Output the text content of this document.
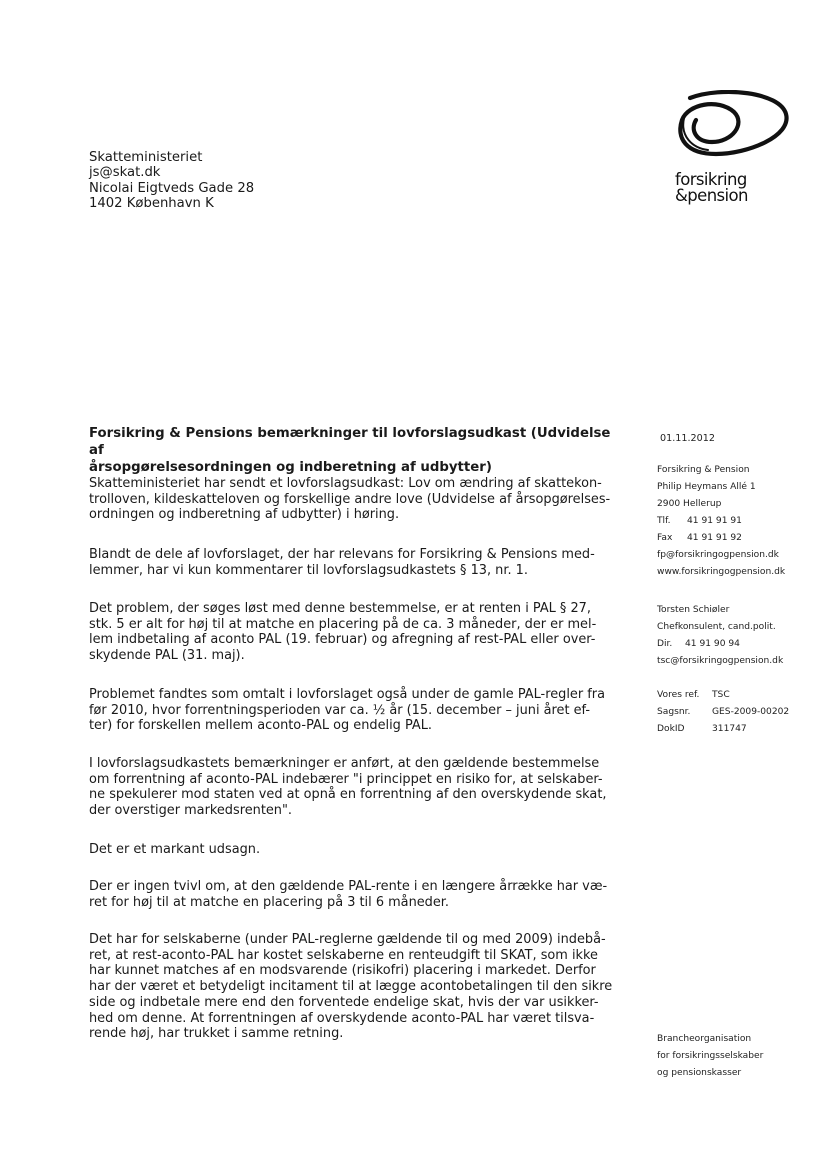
Skatteministeriet
js@skat.dk
Nicolai Eigtveds Gade 28
1402 København K
forsikring
&pension
Forsikring & Pensions bemærkninger til lovforslagsudkast (Udvidelse af
årsopgørelsesordningen og indberetning af udbytter)
Skatteministeriet har sendt et lovforslagsudkast: Lov om ændring af skattekon-
trolloven, kildeskatteloven og forskellige andre love (Udvidelse af årsopgørelses-
ordningen og indberetning af udbytter) i høring.
Blandt de dele af lovforslaget, der har relevans for Forsikring & Pensions med-
lemmer, har vi kun kommentarer til lovforslagsudkastets § 13, nr. 1.
Det problem, der søges løst med denne bestemmelse, er at renten i PAL § 27,
stk. 5 er alt for høj til at matche en placering på de ca. 3 måneder, der er mel-
lem indbetaling af aconto PAL (19. februar) og afregning af rest-PAL eller over-
skydende PAL (31. maj).
Problemet fandtes som omtalt i lovforslaget også under de gamle PAL-regler fra
før 2010, hvor forrentningsperioden var ca. ½ år (15. december – juni året ef-
ter) for forskellen mellem aconto-PAL og endelig PAL.
I lovforslagsudkastets bemærkninger er anført, at den gældende bestemmelse
om forrentning af aconto-PAL indebærer "i princippet en risiko for, at selskaber-
ne spekulerer mod staten ved at opnå en forrentning af den overskydende skat,
der overstiger markedsrenten".
Det er et markant udsagn.
Der er ingen tvivl om, at den gældende PAL-rente i en længere årrække har væ-
ret for høj til at matche en placering på 3 til 6 måneder.
Det har for selskaberne (under PAL-reglerne gældende til og med 2009) indebå-
ret, at rest-aconto-PAL har kostet selskaberne en renteudgift til SKAT, som ikke
har kunnet matches af en modsvarende (risikofri) placering i markedet. Derfor
har der været et betydeligt incitament til at lægge acontobetalingen til den sikre
side og indbetale mere end den forventede endelige skat, hvis der var usikker-
hed om denne. At forrentningen af overskydende aconto-PAL har været tilsva-
rende høj, har trukket i samme retning.
01.11.2012
Forsikring & Pension
Philip Heymans Allé 1
2900 Hellerup
Tlf.	41 91 91 91
Fax	41 91 91 92
fp@forsikringogpension.dk
www.forsikringogpension.dk
Torsten Schiøler
Chefkonsulent, cand.polit.
Dir.	41 91 90 94
tsc@forsikringogpension.dk
Vores ref.	TSC
Sagsnr.	GES-2009-00202
DokID	311747
Brancheorganisation
for forsikringsselskaber
og pensionskasser
